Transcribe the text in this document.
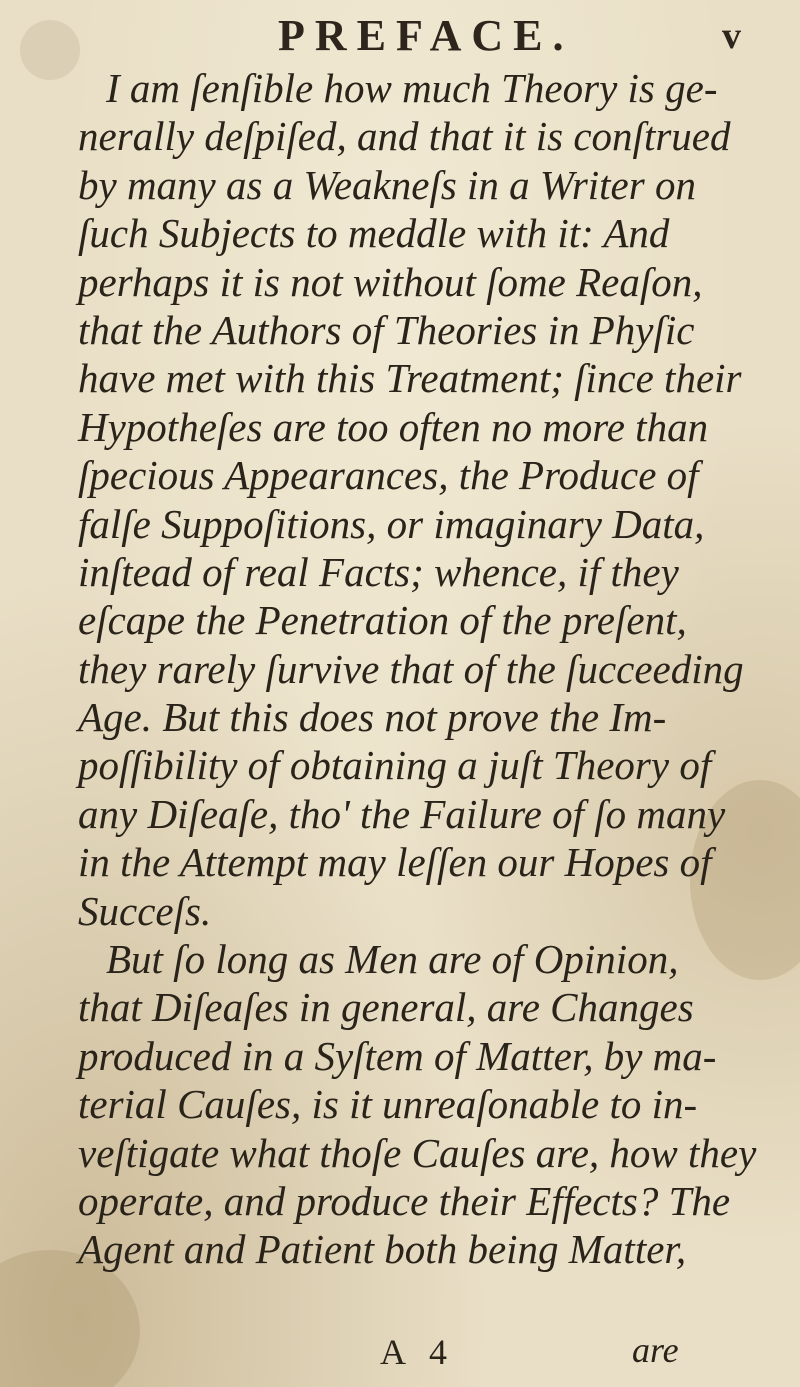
PREFACE.	v
I am ſenſible how much Theory is ge-
nerally deſpiſed, and that it is conſtrued
by many as a Weakneſs in a Writer on
ſuch Subjects to meddle with it: And
perhaps it is not without ſome Reaſon,
that the Authors of Theories in Phyſic
have met with this Treatment; ſince their
Hypotheſes are too often no more than
ſpecious Appearances, the Produce of
falſe Suppoſitions, or imaginary Data,
inſtead of real Facts; whence, if they
eſcape the Penetration of the preſent,
they rarely ſurvive that of the ſucceeding
Age. But this does not prove the Im-
poſſibility of obtaining a juſt Theory of
any Diſeaſe, tho' the Failure of ſo many
in the Attempt may leſſen our Hopes of
Succeſs.
But ſo long as Men are of Opinion,
that Diſeaſes in general, are Changes
produced in a Syſtem of Matter, by ma-
terial Cauſes, is it unreaſonable to in-
veſtigate what thoſe Cauſes are, how they
operate, and produce their Effects? The
Agent and Patient both being Matter,
A 4	are
